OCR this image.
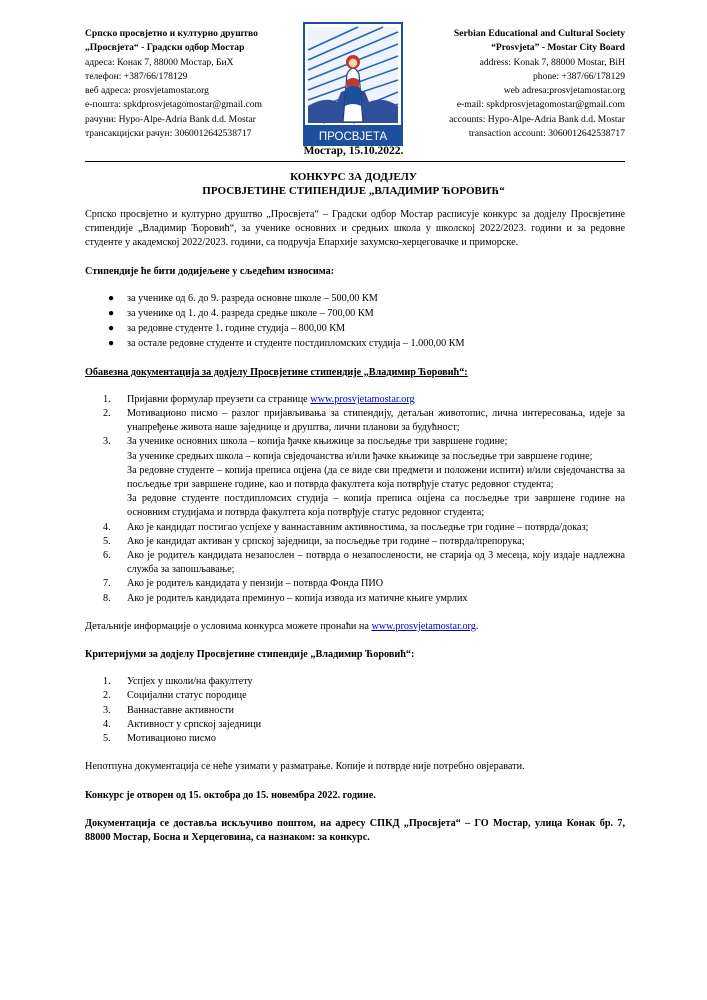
Српско просвјетно и културно друштво
„Просвјета“ - Градски одбор Мостар
адреса: Конак 7, 88000 Мостар, БиХ
телефон: +387/66/178129
веб адреса: prosvjetamostar.org
е-пошта: spkdprosvjetagomostar@gmail.com
рачуни: Hypo-Alpe-Adria Bank d.d. Mostar
трансакцијски рачун: 3060012642538717	ПРОСВЈЕТА
Serbian Educational and Cultural Society
“Prosvjeta” - Mostar City Board
address: Konak 7, 88000 Mostar, BiH
phone: +387/66/178129
web adresa:prosvjetamostar.org
e-mail: spkdprosvjetagomostar@gmail.com
accounts: Hypo-Alpe-Adria Bank d.d. Mostar
transaction account: 3060012642538717
Мостар, 15.10.2022.
КОНКУРС ЗА ДОДЈЕЛУ
ПРОСВЈЕТИНЕ СТИПЕНДИЈЕ „ВЛАДИМИР ЋОРОВИЋ“

Српско просвјетно и културно друштво „Просвјета“ – Градски одбор Мостар расписује конкурс за додјелу Просвјетине стипендије „Владимир Ћоровић“, за ученике основних и средњих школа у школској 2022/2023. години и за редовне студенте у академској 2022/2023. години, са подручја Епархије захумско-херцеговачке и приморске.

Стипендије ће бити додијељене у сљедећим износима:

● за ученике од 6. до 9. разреда основне школе – 500,00 КМ
● за ученике од 1. до 4. разреда средње школе – 700,00 КМ
● за редовне студенте 1. године студија – 800,00 КМ
● за остале редовне студенте и студенте постдипломских студија – 1.000,00 КМ

Обавезна документација за додјелу Просвјетине стипендије „Владимир Ћоровић“:

1. Пријавни формулар преузети са странице www.prosvjetamostar.org
2. Мотивационо писмо – разлог пријављивања за стипендију, детаљан животопис, лична интересовања, идеје за унапређење живота наше заједнице и друштва, лични планови за будућност;
3. За ученике основних школа – копија ђачке књижице за посљедње три завршене године;
За ученике средњих школа – копија свједочанства и/или ђачке књижице за посљедње три завршене године;
За редовне студенте – копија преписа оцјена (да се виде сви предмети и положени испити) и/или свједочанства за посљедње три завршене године, као и потврда факултета која потврђује статус редовног студента;
За редовне студенте постдипломсих студија – копија преписа оцјена са посљедње три завршене године на основним студијама и потврда факултета која потврђује статус редовног студента;
4. Ако је кандидат постигао успјехе у ваннаставним активностима, за посљедње три године – потврда/доказ;
5. Ако је кандидат активан у српској заједници, за посљедње три године – потврда/препорука;
6. Ако је родитељ кандидата незапослен – потврда о незапослености, не старија од 3 месеца, коју издаје надлежна служба за запошљавање;
7. Ако је родитељ кандидата у пензији – потврда Фонда ПИО
8. Ако је родитељ кандидата преминуо – копија извода из матичне књиге умрлих

Детаљније информације о условима конкурса можете пронаћи на www.prosvjetamostar.org.

Критеријуми за додјелу Просвјетине стипендије „Владимир Ћоровић“:

1. Успјех у школи/на факултету
2. Социјални статус породице
3. Ваннаставне активности
4. Активност у српској заједници
5. Мотивационо писмо

Непотпуна документација се неће узимати у разматрање. Копије и потврде није потребно овјеравати.

Конкурс је отворен од 15. октобра до 15. новембра 2022. године.

Документација се доставља искључиво поштом, на адресу СПКД „Просвјета“ – ГО Мостар, улица Конак бр. 7, 88000 Мостар, Босна и Херцеговина, са назнаком: за конкурс.
